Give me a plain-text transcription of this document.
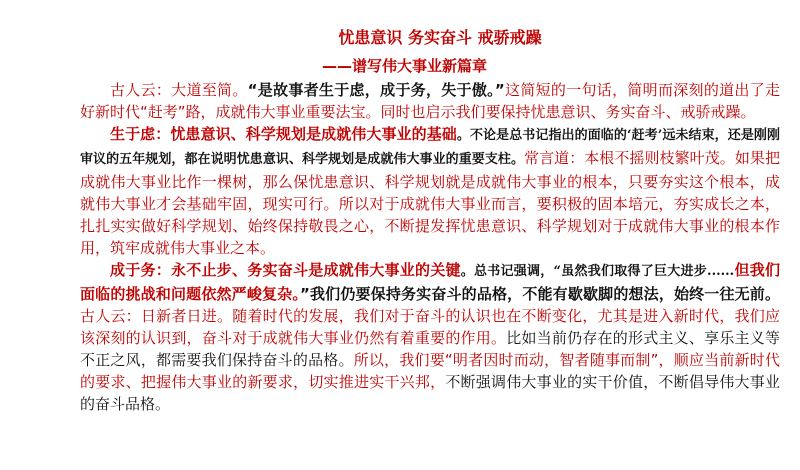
忧患意识 务实奋斗 戒骄戒躁
——谱写伟大事业新篇章

古人云：大道至简。“是故事者生于虑，成于务，失于傲。”这简短的一句话，简明而深刻的道出了走好新时代“赶考”路，成就伟大事业重要法宝。同时也启示我们要保持忧患意识、务实奋斗、戒骄戒躁。

生于虑：忧患意识、科学规划是成就伟大事业的基础。不论是总书记指出的面临的‘赶考’远未结束，还是刚刚审议的五年规划，都在说明忧患意识、科学规划是成就伟大事业的重要支柱。常言道：本根不摇则枝繁叶茂。如果把成就伟大事业比作一棵树，那么保忧患意识、科学规划就是成就伟大事业的根本，只要夯实这个根本，成就伟大事业才会基础牢固，现实可行。所以对于成就伟大事业而言，要积极的固本培元，夯实成长之本，扎扎实实做好科学规划、始终保持敬畏之心，不断提发挥忧患意识、科学规划对于成就伟大事业的根本作用，筑牢成就伟大事业之本。

成于务：永不止步、务实奋斗是成就伟大事业的关键。总书记强调，“虽然我们取得了巨大进步......但我们面临的挑战和问题依然严峻复杂。”我们仍要保持务实奋斗的品格，不能有歇歇脚的想法，始终一往无前。古人云：日新者日进。随着时代的发展，我们对于奋斗的认识也在不断变化，尤其是进入新时代，我们应该深刻的认识到，奋斗对于成就伟大事业仍然有着重要的作用。比如当前仍存在的形式主义、享乐主义等不正之风，都需要我们保持奋斗的品格。所以，我们要“明者因时而动，智者随事而制”，顺应当前新时代的要求、把握伟大事业的新要求，切实推进实干兴邦，不断强调伟大事业的实干价值，不断倡导伟大事业的奋斗品格。
